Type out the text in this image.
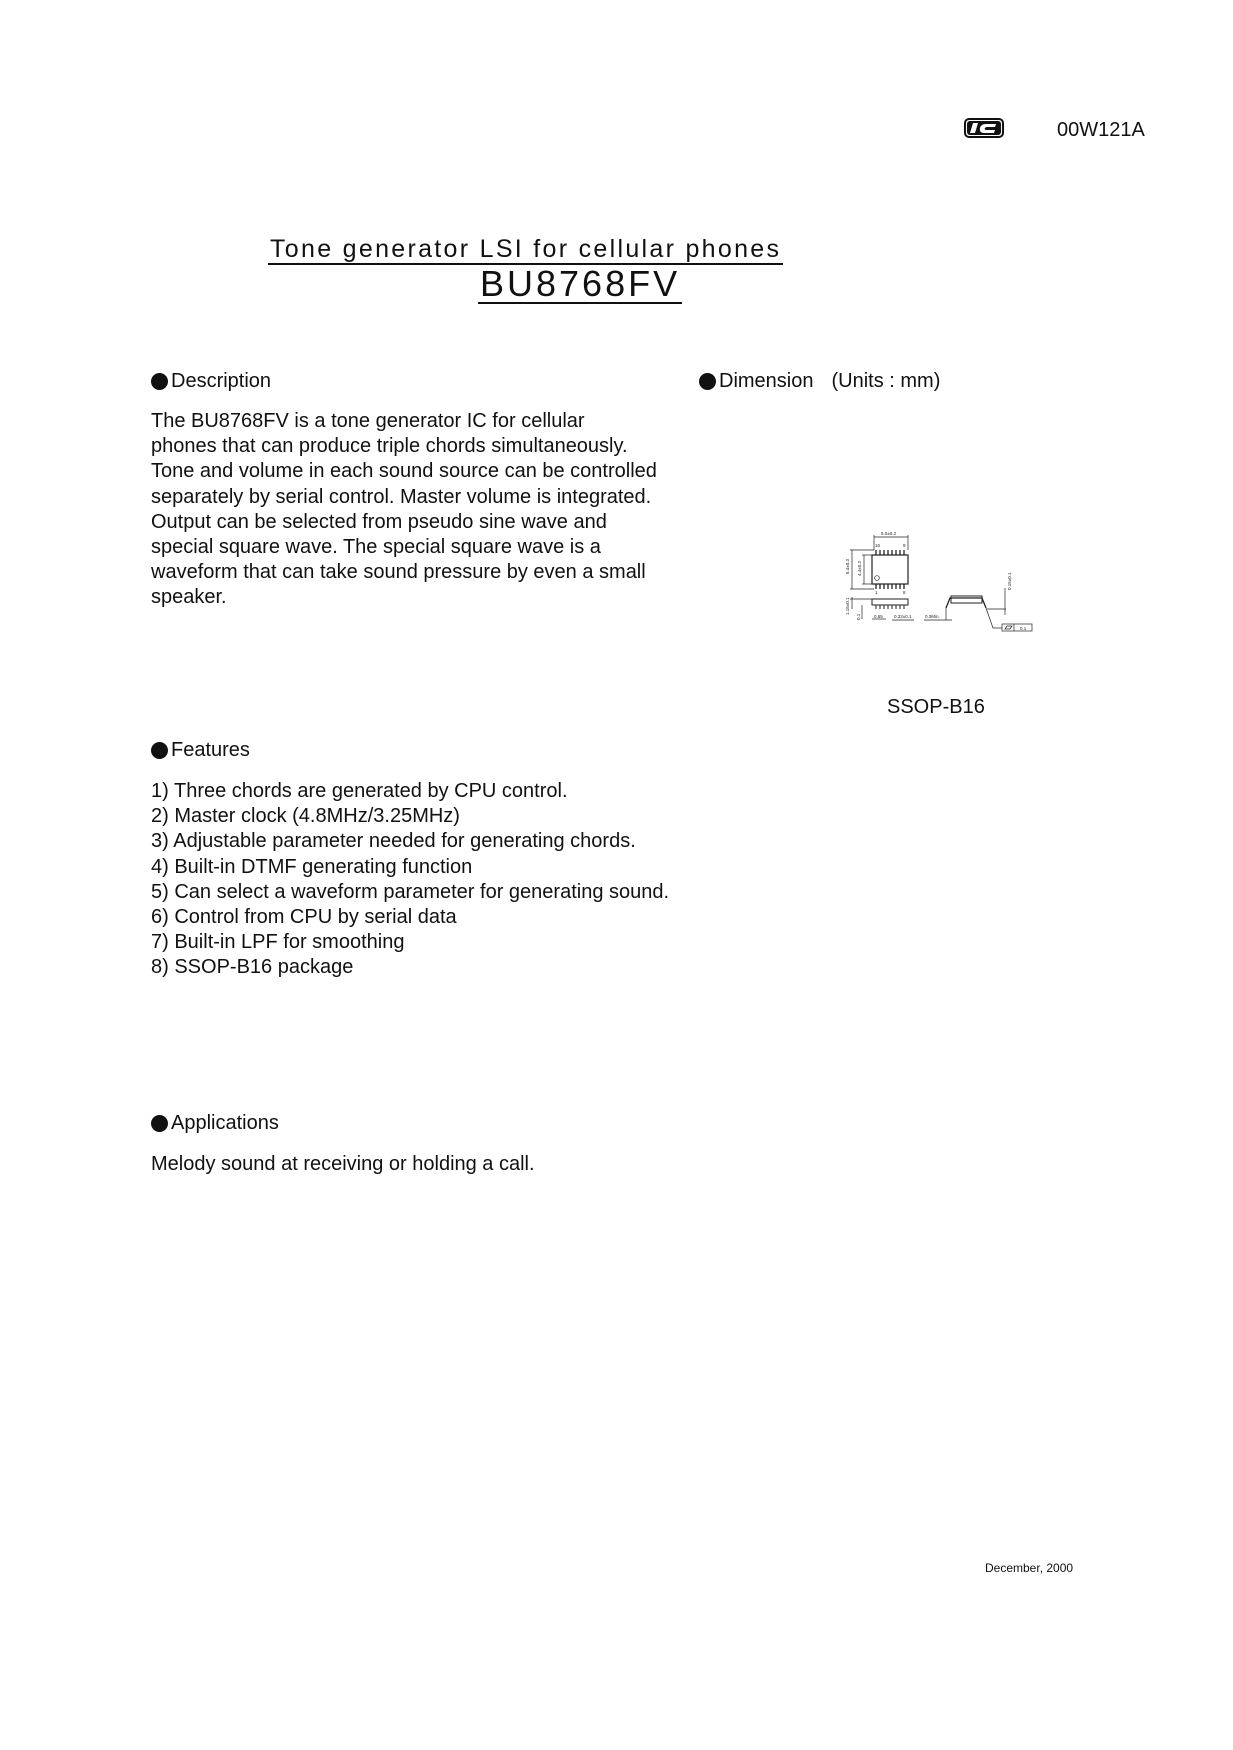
00W121A
Tone generator LSI for cellular phones
BU8768FV
Description
The BU8768FV is a tone generator IC for cellular
phones that can produce triple chords simultaneously.
Tone and volume in each sound source can be controlled
separately by serial control. Master volume is integrated.
Output can be selected from pseudo sine wave and
special square wave. The special square wave is a
waveform that can take sound pressure by even a small
speaker.
Dimension (Units : mm)
5.0±0.2
16	9
6.4±0.3 4.4±0.2
1	8
1.15±0.1
0.1	0.65 0.22±0.1	0.3Min.
0.15±0.1
0.1
SSOP-B16
Features
1) Three chords are generated by CPU control.
2) Master clock (4.8MHz/3.25MHz)
3) Adjustable parameter needed for generating chords.
4) Built-in DTMF generating function
5) Can select a waveform parameter for generating sound.
6) Control from CPU by serial data
7) Built-in LPF for smoothing
8) SSOP-B16 package
Applications
Melody sound at receiving or holding a call.
December, 2000
